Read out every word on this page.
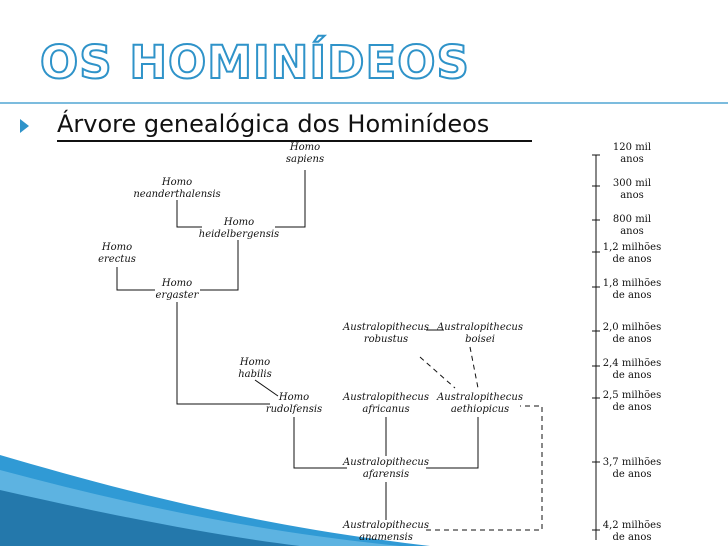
OS HOMINÍDEOS
Árvore genealógica dos Hominídeos
Homo sapiens
Homo neanderthalensis
Homo heidelbergensis
Homo erectus
Homo ergaster
Homo habilis
Homo rudolfensis
Australopithecus robustus
Australopithecus boisei
Australopithecus africanus
Australopithecus aethiopicus
Australopithecus afarensis
Australopithecus anamensis
120 mil anos
300 mil anos
800 mil anos
1,2 milhões de anos
1,8 milhões de anos
2,0 milhões de anos
2,4 milhões de anos
2,5 milhões de anos
3,7 milhões de anos
4,2 milhões de anos
